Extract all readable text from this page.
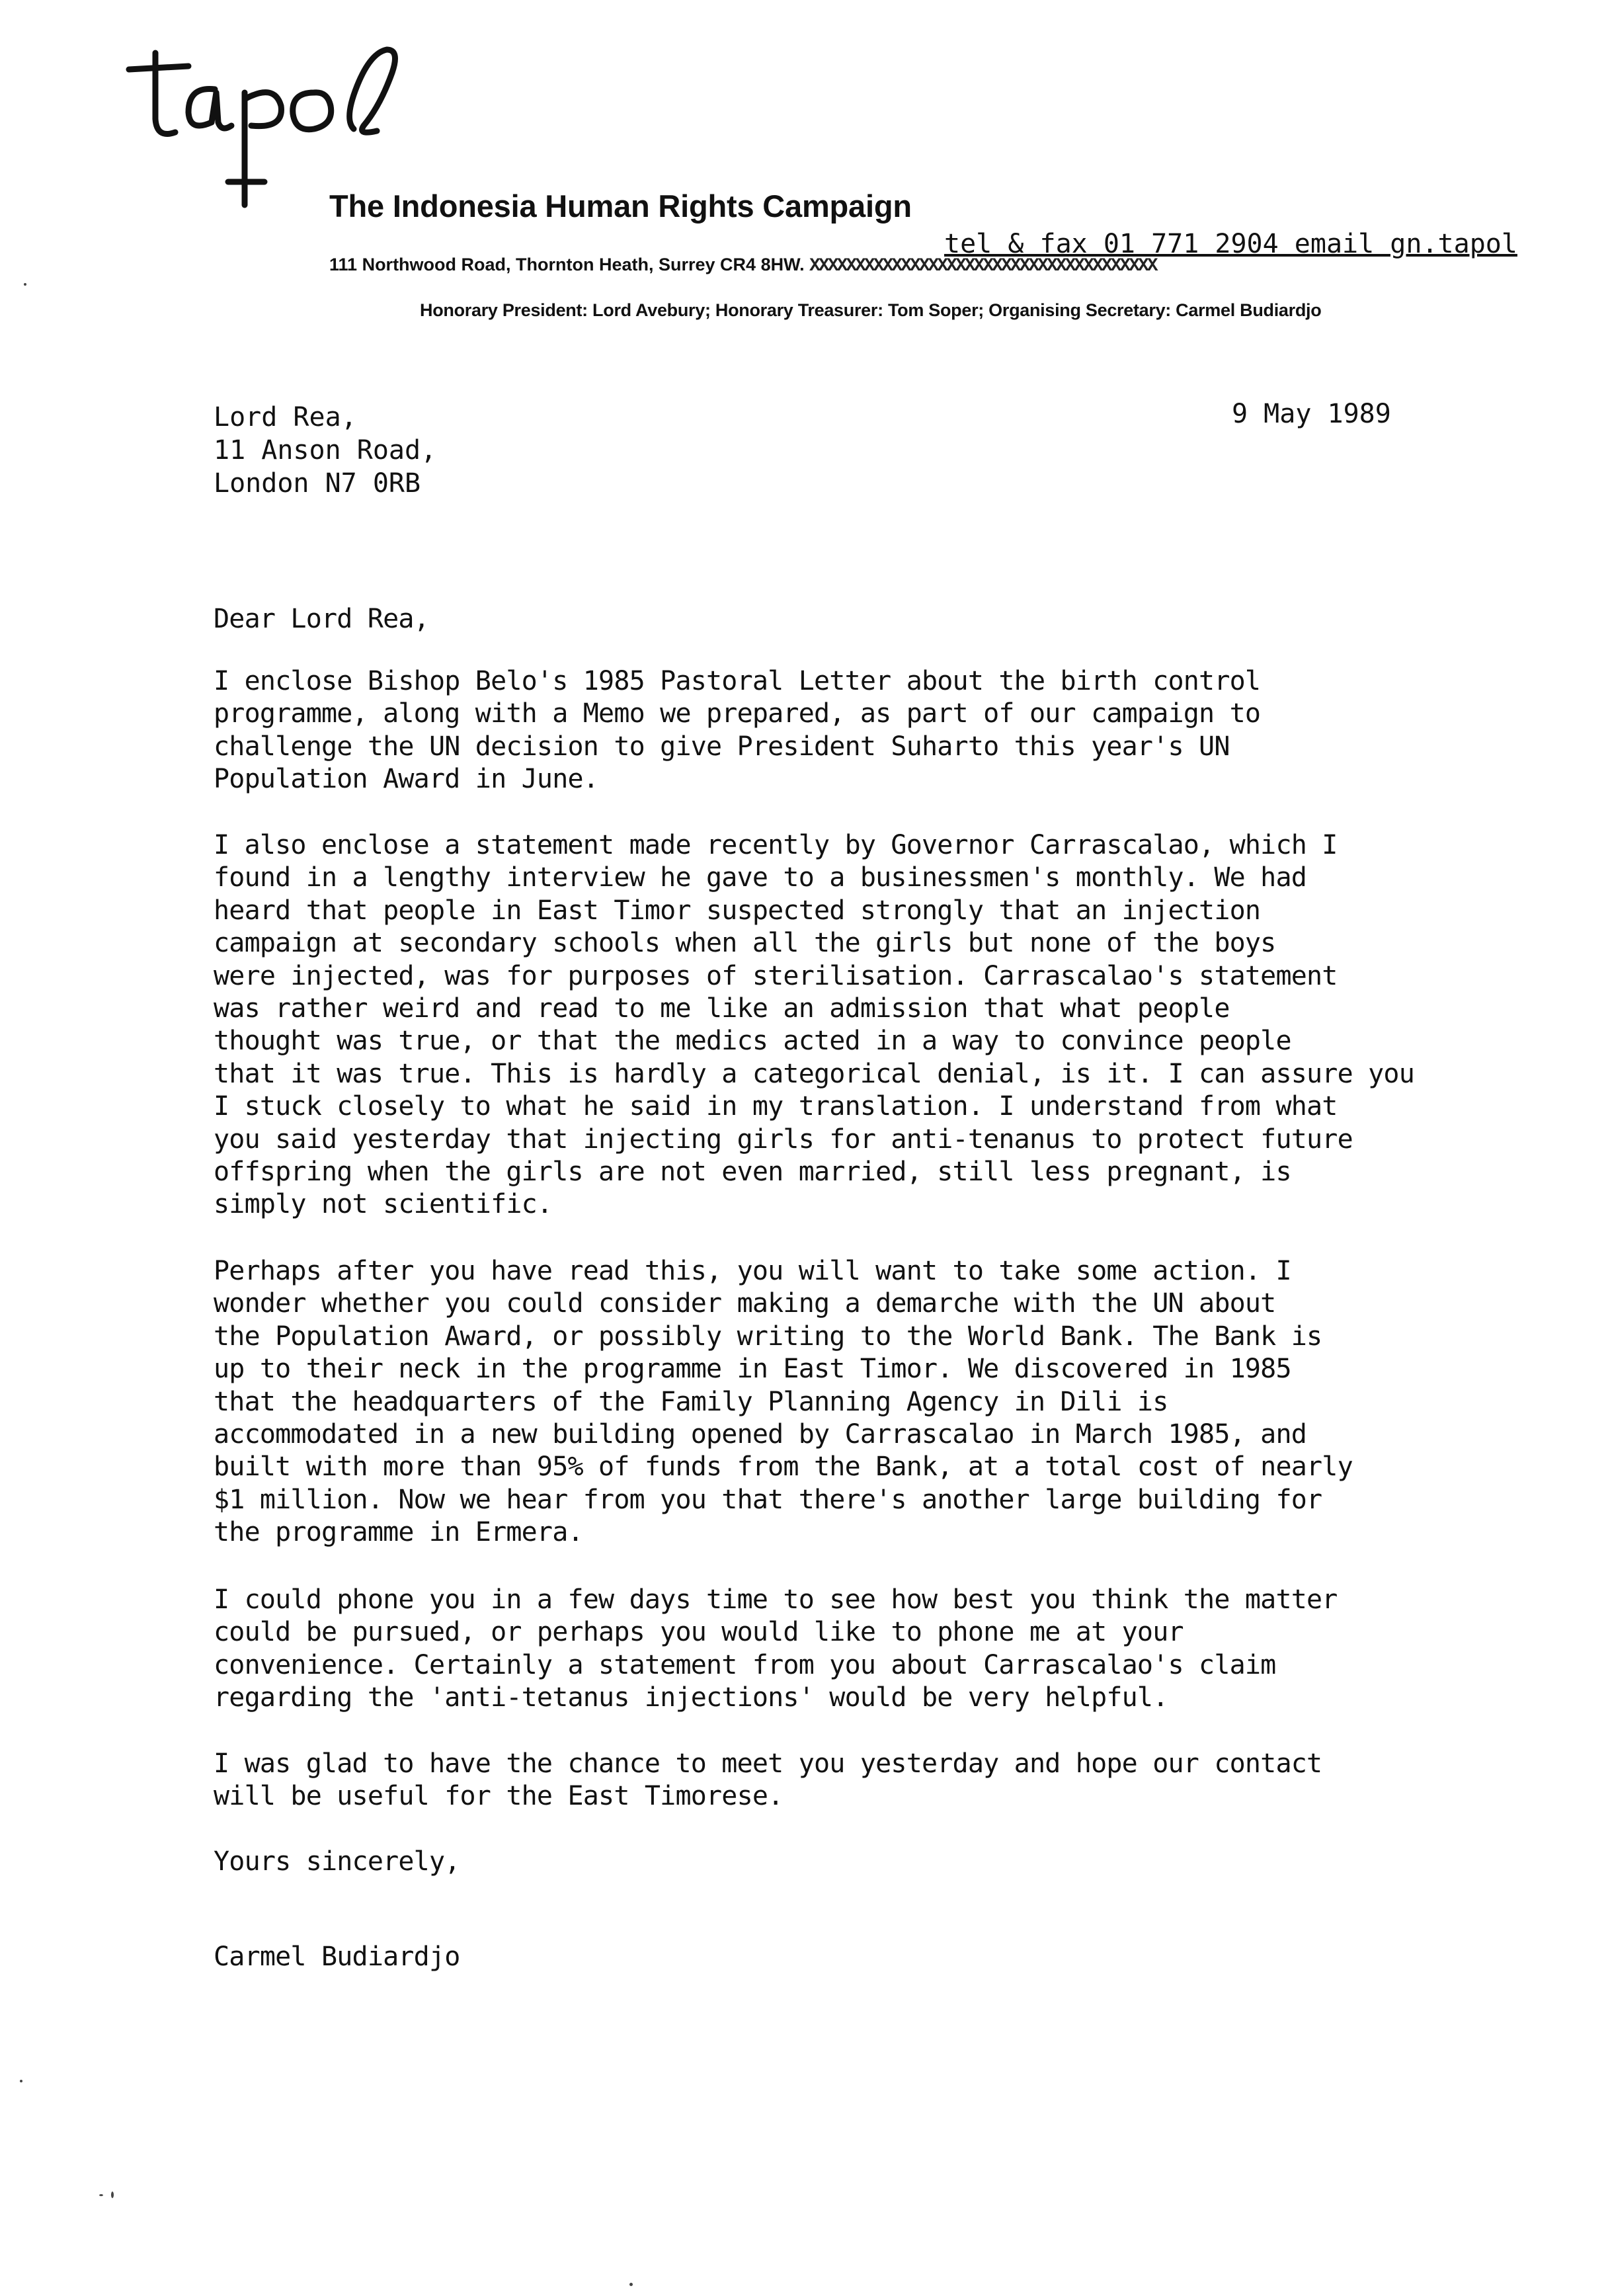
The Indonesia Human Rights Campaign
111 Northwood Road, Thornton Heath, Surrey CR4 8HW. XXXXXXXXXXXXXXXXXXXXXXXXXXXXXXXXXXXXXX
tel & fax 01 771 2904 email gn.tapol
Honorary President: Lord Avebury; Honorary Treasurer: Tom Soper; Organising Secretary: Carmel Budiardjo
Lord Rea,
11 Anson Road,
London N7 0RB
9 May 1989
Dear Lord Rea,
I enclose Bishop Belo's 1985 Pastoral Letter about the birth control
programme, along with a Memo we prepared, as part of our campaign to
challenge the UN decision to give President Suharto this year's UN
Population Award in June.
I also enclose a statement made recently by Governor Carrascalao, which I
found in a lengthy interview he gave to a businessmen's monthly. We had
heard that people in East Timor suspected strongly that an injection
campaign at secondary schools when all the girls but none of the boys
were injected, was for purposes of sterilisation. Carrascalao's statement
was rather weird and read to me like an admission that what people
thought was true, or that the medics acted in a way to convince people
that it was true. This is hardly a categorical denial, is it. I can assure you
I stuck closely to what he said in my translation. I understand from what
you said yesterday that injecting girls for anti-tenanus to protect future
offspring when the girls are not even married, still less pregnant, is
simply not scientific.
Perhaps after you have read this, you will want to take some action. I
wonder whether you could consider making a demarche with the UN about
the Population Award, or possibly writing to the World Bank. The Bank is
up to their neck in the programme in East Timor. We discovered in 1985
that the headquarters of the Family Planning Agency in Dili is
accommodated in a new building opened by Carrascalao in March 1985, and
built with more than 95% of funds from the Bank, at a total cost of nearly
$1 million. Now we hear from you that there's another large building for
the programme in Ermera.
I could phone you in a few days time to see how best you think the matter
could be pursued, or perhaps you would like to phone me at your
convenience. Certainly a statement from you about Carrascalao's claim
regarding the 'anti-tetanus injections' would be very helpful.
I was glad to have the chance to meet you yesterday and hope our contact
will be useful for the East Timorese.
Yours sincerely,
Carmel Budiardjo
